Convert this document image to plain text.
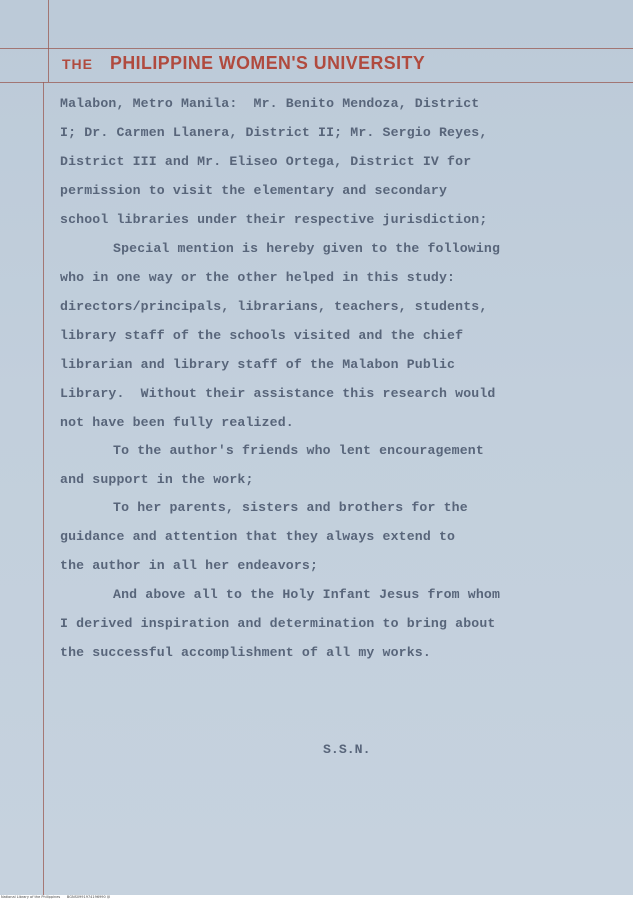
THE PHILIPPINE WOMEN'S UNIVERSITY
Malabon, Metro Manila:  Mr. Benito Mendoza, District
I; Dr. Carmen Llanera, District II; Mr. Sergio Reyes,
District III and Mr. Eliseo Ortega, District IV for
permission to visit the elementary and secondary
school libraries under their respective jurisdiction;
Special mention is hereby given to the following
who in one way or the other helped in this study:
directors/principals, librarians, teachers, students,
library staff of the schools visited and the chief
librarian and library staff of the Malabon Public
Library.  Without their assistance this research would
not have been fully realized.
To the author's friends who lent encouragement
and support in the work;
To her parents, sisters and brothers for the
guidance and attention that they always extend to
the author in all her endeavors;
And above all to the Holy Infant Jesus from whom
I derived inspiration and determination to bring about
the successful accomplishment of all my works.
S.S.N.
National Library of the Philippines      BGNS0991974196990 IJI
